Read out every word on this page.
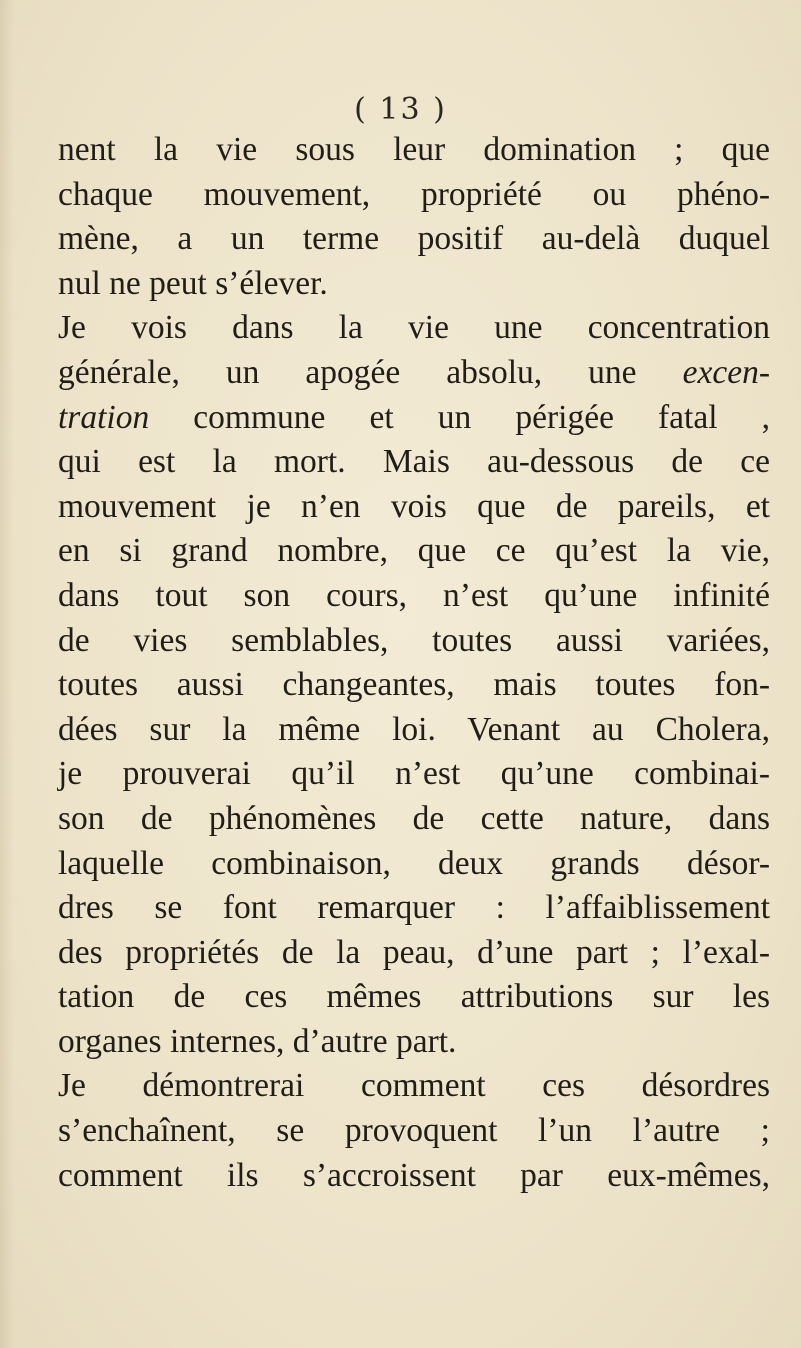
( 13 )
nent la vie sous leur domination ; que
chaque mouvement, propriété ou phéno-
mène, a un terme positif au-delà duquel
nul ne peut s’élever.
Je vois dans la vie une concentration
générale, un apogée absolu, une excen-
tration commune et un périgée fatal ,
qui est la mort. Mais au-dessous de ce
mouvement je n’en vois que de pareils, et
en si grand nombre, que ce qu’est la vie,
dans tout son cours, n’est qu’une infinité
de vies semblables, toutes aussi variées,
toutes aussi changeantes, mais toutes fon-
dées sur la même loi. Venant au Cholera,
je prouverai qu’il n’est qu’une combinai-
son de phénomènes de cette nature, dans
laquelle combinaison, deux grands désor-
dres se font remarquer : l’affaiblissement
des propriétés de la peau, d’une part ; l’exal-
tation de ces mêmes attributions sur les
organes internes, d’autre part.
Je démontrerai comment ces désordres
s’enchaînent, se provoquent l’un l’autre ;
comment ils s’accroissent par eux-mêmes,
